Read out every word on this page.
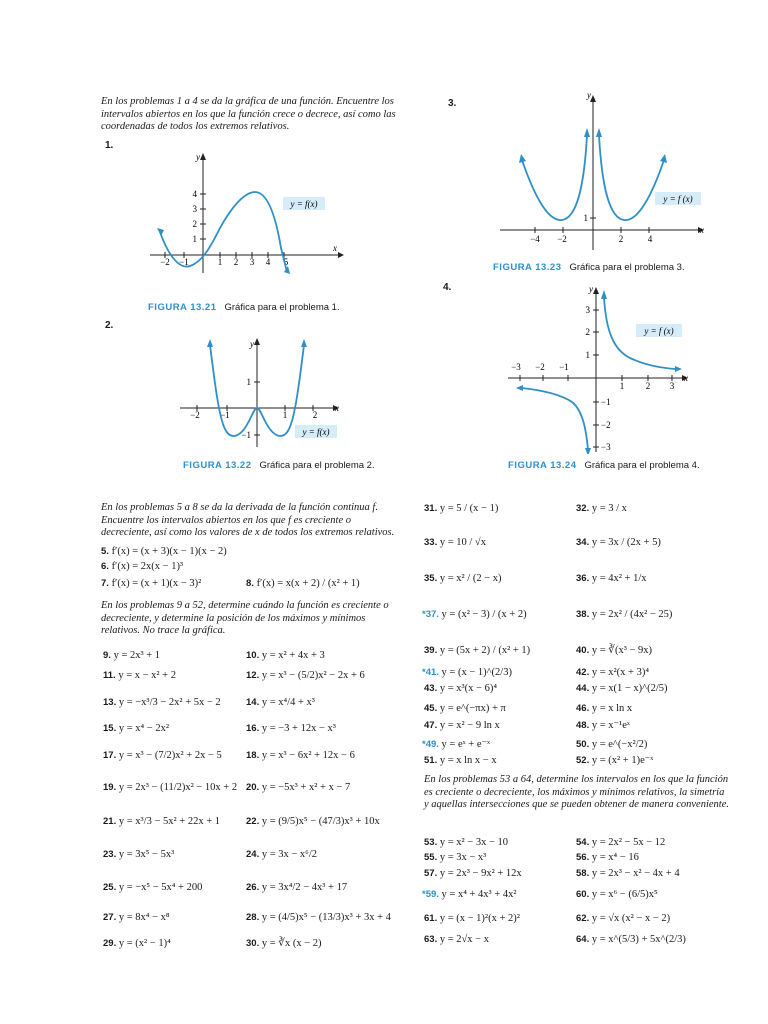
En los problemas 1 a 4 se da la gráfica de una función. Encuentre los intervalos abiertos en los que la función crece o decrece, así como las coordenadas de todos los extremos relativos.
1.
x
y
−2 −1	1 2 3 4 5
1
2
3
4
y = f(x)
FIGURA 13.21 Gráfica para el problema 1.
2.
x
y
−2 −1	1	2
1
−1	y = f(x)
FIGURA 13.22 Gráfica para el problema 2.
3.
x
y
−4 −2	2	4
1
y = f (x)
FIGURA 13.23 Gráfica para el problema 3.
4.
x
y
−3 −2 −1
1 2 3
3
2
1
−1
−2
−3
y = f (x)
FIGURA 13.24 Gráfica para el problema 4.
En los problemas 5 a 8 se da la derivada de la función continua f. Encuentre los intervalos abiertos en los que f es creciente o decreciente, así como los valores de x de todos los extremos relativos.
5. f′(x) = (x + 3)(x − 1)(x − 2)
6. f′(x) = 2x(x − 1)³
7. f′(x) = (x + 1)(x − 3)²	8. f′(x) = x(x + 2) / (x² + 1)
En los problemas 9 a 52, determine cuándo la función es creciente o decreciente, y determine la posición de los máximos y mínimos relativos. No trace la gráfica.
9. y = 2x³ + 1	10. y = x² + 4x + 3
11. y = x − x² + 2	12. y = x³ − (5/2)x² − 2x + 6
13. y = −x³/3 − 2x² + 5x − 2	14. y = x⁴/4 + x³
15. y = x⁴ − 2x²	16. y = −3 + 12x − x³
17. y = x³ − (7/2)x² + 2x − 5	18. y = x³ − 6x² + 12x − 6
19. y = 2x³ − (11/2)x² − 10x + 2 20. y = −5x³ + x² + x − 7
21. y = x³/3 − 5x² + 22x + 1	22. y = (9/5)x⁵ − (47/3)x³ + 10x
23. y = 3x⁵ − 5x³	24. y = 3x − x⁶/2
25. y = −x⁵ − 5x⁴ + 200	26. y = 3x⁴/2 − 4x³ + 17
27. y = 8x⁴ − x⁸	28. y = (4/5)x⁵ − (13/3)x³ + 3x + 4
29. y = (x² − 1)⁴	30. y = ∛x (x − 2)
31. y = 5 / (x − 1)	32. y = 3 / x
33. y = 10 / √x	34. y = 3x / (2x + 5)
35. y = x² / (2 − x)	36. y = 4x² + 1/x
*37. y = (x² − 3) / (x + 2)	38. y = 2x² / (4x² − 25)
39. y = (5x + 2) / (x² + 1)	40. y = ∛(x³ − 9x)
*41. y = (x − 1)^(2/3)	42. y = x²(x + 3)⁴
43. y = x³(x − 6)⁴	44. y = x(1 − x)^(2/5)
45. y = e^(−πx) + π	46. y = x ln x
47. y = x² − 9 ln x	48. y = x⁻¹eˣ
*49. y = eˣ + e⁻ˣ	50. y = e^(−x²/2)
51. y = x ln x − x	52. y = (x² + 1)e⁻ˣ
En los problemas 53 a 64, determine los intervalos en los que la función es creciente o decreciente, los máximos y mínimos relativos, la simetría y aquellas intersecciones que se pueden obtener de manera conveniente.
53. y = x² − 3x − 10	54. y = 2x² − 5x − 12
55. y = 3x − x³	56. y = x⁴ − 16
57. y = 2x³ − 9x² + 12x	58. y = 2x³ − x² − 4x + 4
*59. y = x⁴ + 4x³ + 4x²	60. y = x⁶ − (6/5)x⁵
61. y = (x − 1)²(x + 2)²	62. y = √x (x² − x − 2)
63. y = 2√x − x	64. y = x^(5/3) + 5x^(2/3)
